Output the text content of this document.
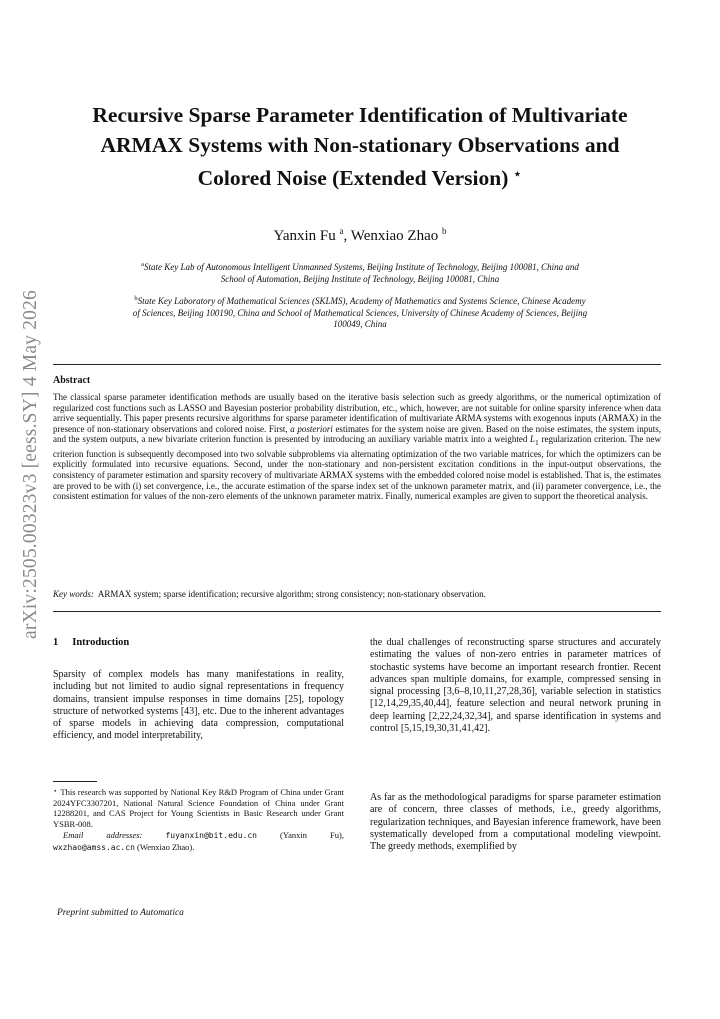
arXiv:2505.00323v3 [eess.SY] 4 May 2026
Recursive Sparse Parameter Identification of Multivariate
ARMAX Systems with Non-stationary Observations and
Colored Noise (Extended Version) ⋆
Yanxin Fu $^a$, Wenxiao Zhao $^b$
$^a$State Key Lab of Autonomous Intelligent Unmanned Systems, Beijing Institute of Technology, Beijing 100081, China and
School of Automation, Beijing Institute of Technology, Beijing 100081, China
$^b$State Key Laboratory of Mathematical Sciences (SKLMS), Academy of Mathematics and Systems Science, Chinese Academy
of Sciences, Beijing 100190, China and School of Mathematical Sciences, University of Chinese Academy of Sciences, Beijing
100049, China
Abstract
The classical sparse parameter identification methods are usually based on the iterative basis selection such as greedy algorithms, or the numerical optimization of regularized cost functions such as LASSO and Bayesian posterior probability distribution, etc., which, however, are not suitable for online sparsity inference when data arrive sequentially. This paper presents recursive algorithms for sparse parameter identification of multivariate ARMA systems with exogenous inputs (ARMAX) in the presence of non-stationary observations and colored noise. First, a posteriori estimates for the system noise are given. Based on the noise estimates, the system inputs, and the system outputs, a new bivariate criterion function is presented by introducing an auxiliary variable matrix into a weighted $L_1$ regularization criterion. The new criterion function is subsequently decomposed into two solvable subproblems via alternating optimization of the two variable matrices, for which the optimizers can be explicitly formulated into recursive equations. Second, under the non-stationary and non-persistent excitation conditions in the input-output observations, the consistency of parameter estimation and sparsity recovery of multivariate ARMAX systems with the embedded colored noise model is established. That is, the estimates are proved to be with (i) set convergence, i.e., the accurate estimation of the sparse index set of the unknown parameter matrix, and (ii) parameter convergence, i.e., the consistent estimation for values of the non-zero elements of the unknown parameter matrix. Finally, numerical examples are given to support the theoretical analysis.
Key words: ARMAX system; sparse identification; recursive algorithm; strong consistency; non-stationary observation.
1 Introduction
Sparsity of complex models has many manifestations in reality, including but not limited to audio signal representations in frequency domains, transient impulse responses in time domains [25], topology structure of networked systems [43], etc. Due to the inherent advantages of sparse models in achieving data compression, computational efficiency, and model interpretability,
⋆ This research was supported by National Key R&D Program of China under Grant 2024YFC3307201, National Natural Science Foundation of China under Grant 12288201, and CAS Project for Young Scientists in Basic Research under Grant YSBR-008.
Email addresses:	fuyanxin@bit.edu.cn	(Yanxin Fu), wxzhao@amss.ac.cn (Wenxiao Zhao).
the dual challenges of reconstructing sparse structures and accurately estimating the values of non-zero entries in parameter matrices of stochastic systems have become an important research frontier. Recent advances span multiple domains, for example, compressed sensing in signal processing [3,6–8,10,11,27,28,36], variable selection in statistics [12,14,29,35,40,44], feature selection and neural network pruning in deep learning [2,22,24,32,34], and sparse identification in systems and control [5,15,19,30,31,41,42].
As far as the methodological paradigms for sparse parameter estimation are of concern, three classes of methods, i.e., greedy algorithms, regularization techniques, and Bayesian inference framework, have been systematically developed from a computational modeling viewpoint. The greedy methods, exemplified by
Preprint submitted to Automatica
